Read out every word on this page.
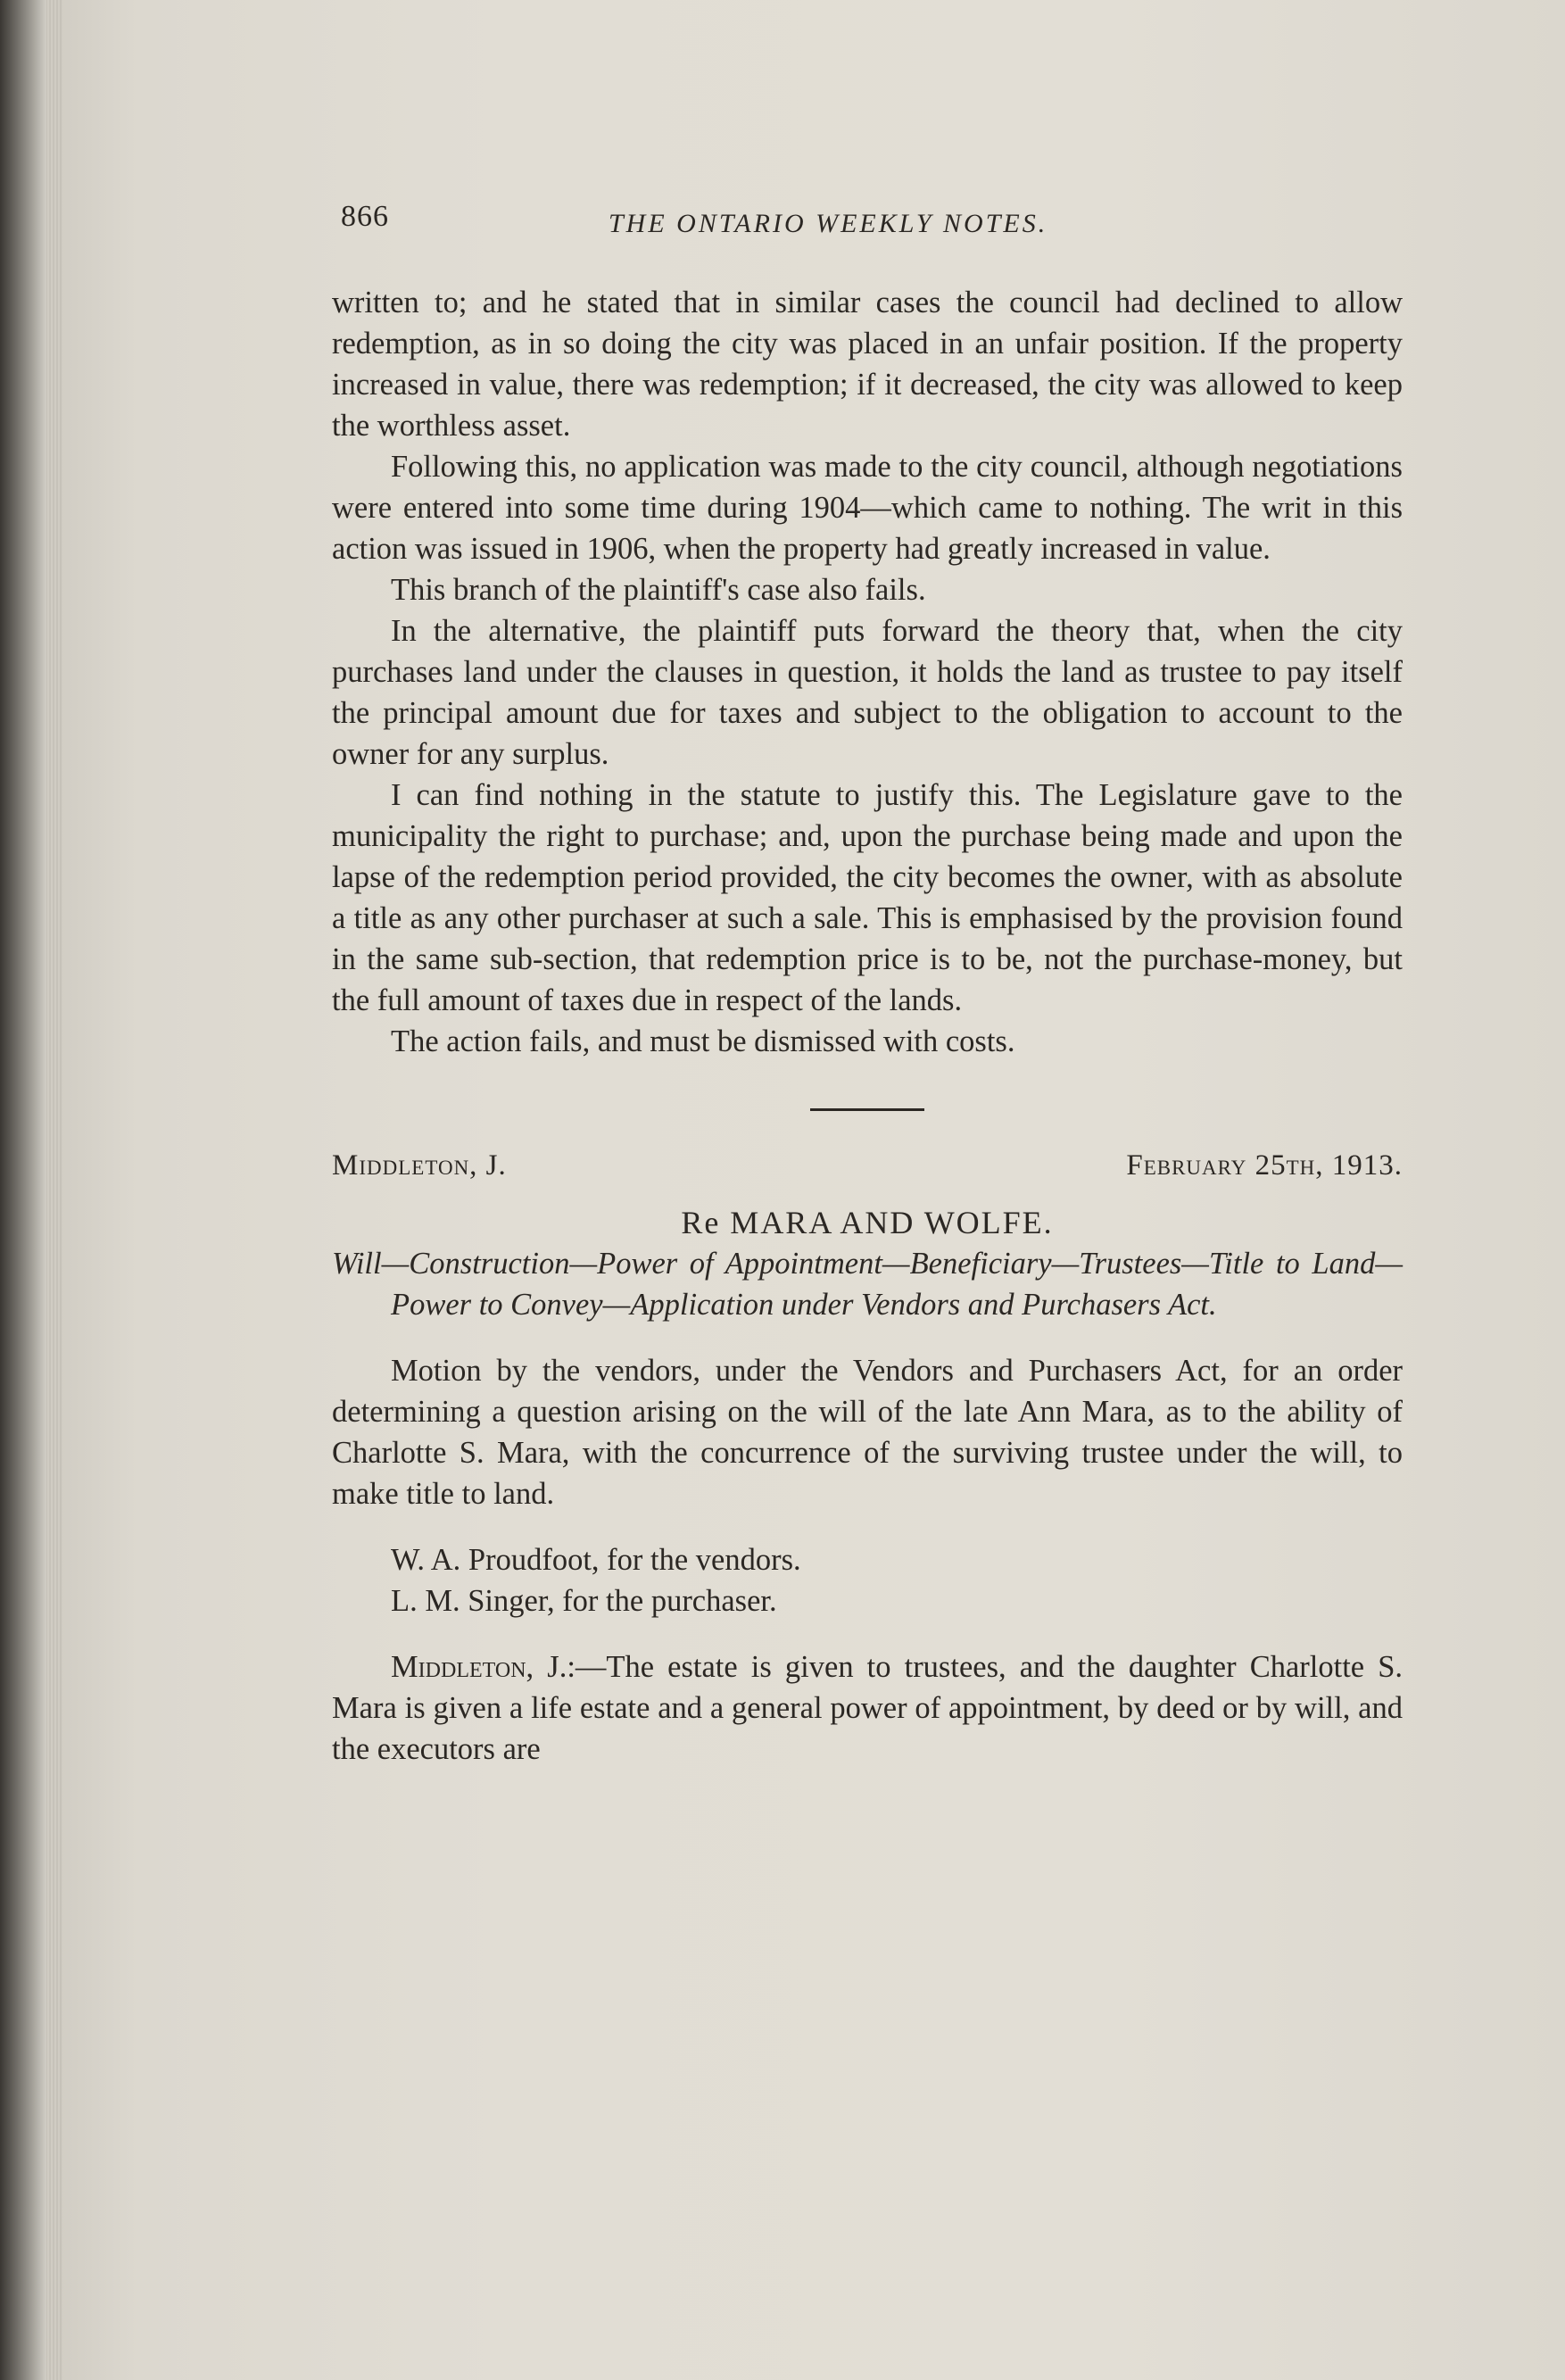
866	THE ONTARIO WEEKLY NOTES.

written to; and he stated that in similar cases the council had declined to allow redemption, as in so doing the city was placed in an unfair position. If the property increased in value, there was redemption; if it decreased, the city was allowed to keep the worthless asset.

Following this, no application was made to the city council, although negotiations were entered into some time during 1904—which came to nothing. The writ in this action was issued in 1906, when the property had greatly increased in value.

This branch of the plaintiff's case also fails.

In the alternative, the plaintiff puts forward the theory that, when the city purchases land under the clauses in question, it holds the land as trustee to pay itself the principal amount due for taxes and subject to the obligation to account to the owner for any surplus.

I can find nothing in the statute to justify this. The Legislature gave to the municipality the right to purchase; and, upon the purchase being made and upon the lapse of the redemption period provided, the city becomes the owner, with as absolute a title as any other purchaser at such a sale. This is emphasised by the provision found in the same sub-section, that redemption price is to be, not the purchase-money, but the full amount of taxes due in respect of the lands.

The action fails, and must be dismissed with costs.

Middleton, J.	February 25th, 1913.
Re MARA AND WOLFE.

Will—Construction—Power of Appointment—Beneficiary—Trustees—Title to Land—Power to Convey—Application under Vendors and Purchasers Act.

Motion by the vendors, under the Vendors and Purchasers Act, for an order determining a question arising on the will of the late Ann Mara, as to the ability of Charlotte S. Mara, with the concurrence of the surviving trustee under the will, to make title to land.

W. A. Proudfoot, for the vendors.

L. M. Singer, for the purchaser.

Middleton, J.:—The estate is given to trustees, and the daughter Charlotte S. Mara is given a life estate and a general power of appointment, by deed or by will, and the executors are
